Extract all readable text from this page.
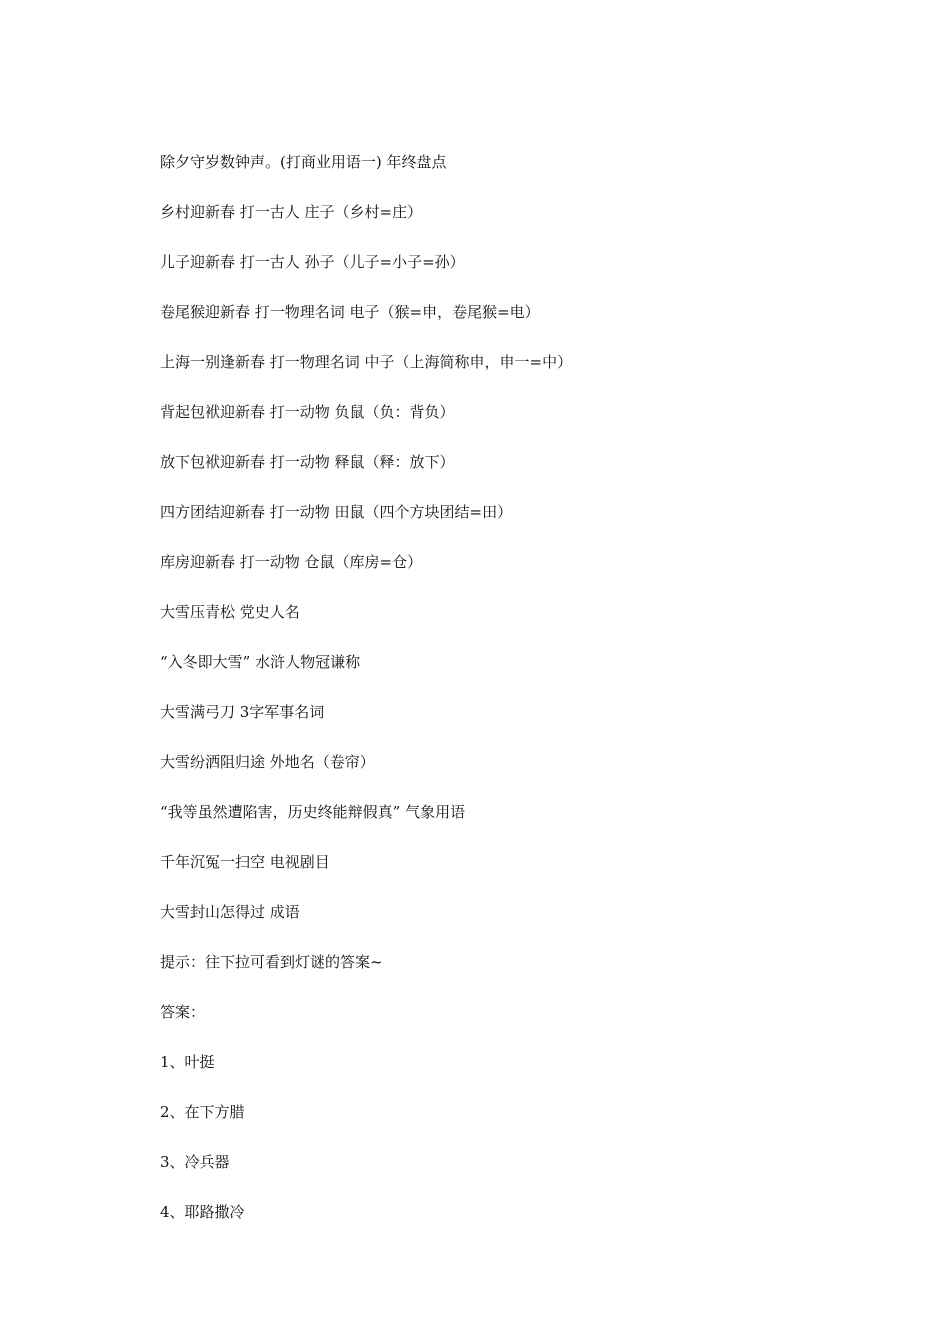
除夕守岁数钟声。(打商业用语一) 年终盘点

乡村迎新春 打一古人 庄子（乡村=庄）

儿子迎新春 打一古人 孙子（儿子=小子=孙）

卷尾猴迎新春 打一物理名词 电子（猴=申，卷尾猴=电）

上海一别逢新春 打一物理名词 中子（上海简称申，申一=中）

背起包袱迎新春 打一动物 负鼠（负：背负）

放下包袱迎新春 打一动物 释鼠（释：放下）

四方团结迎新春 打一动物 田鼠（四个方块团结=田）

库房迎新春 打一动物 仓鼠（库房=仓）

大雪压青松 党史人名

“入冬即大雪” 水浒人物冠谦称

大雪满弓刀 3字军事名词

大雪纷洒阻归途 外地名（卷帘）

“我等虽然遭陷害，历史终能辩假真” 气象用语

千年沉冤一扫空 电视剧目

大雪封山怎得过 成语

提示：往下拉可看到灯谜的答案~

答案：

1、叶挺

2、在下方腊

3、冷兵器

4、耶路撒冷
